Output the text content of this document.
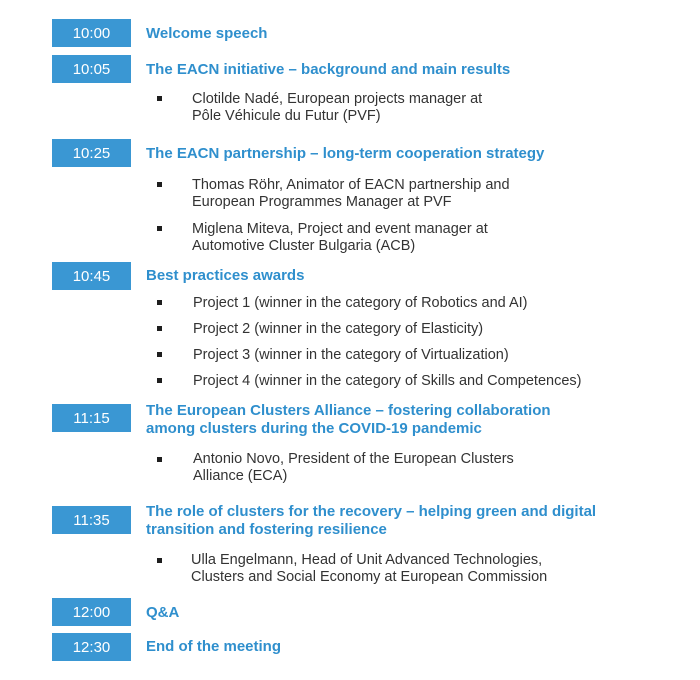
10:00	Welcome speech
10:05	The EACN initiative – background and main results
Clotilde Nadé, European projects manager at
Pôle Véhicule du Futur (PVF)
10:25	The EACN partnership – long-term cooperation strategy
Thomas Röhr, Animator of EACN partnership and
European Programmes Manager at PVF
Miglena Miteva, Project and event manager at
Automotive Cluster Bulgaria (ACB)
10:45	Best practices awards
Project 1 (winner in the category of Robotics and AI)
Project 2 (winner in the category of Elasticity)
Project 3 (winner in the category of Virtualization)
Project 4 (winner in the category of Skills and Competences)
11:15	The European Clusters Alliance – fostering collaboration
among clusters during the COVID-19 pandemic
Antonio Novo, President of the European Clusters
Alliance (ECA)
11:35	The role of clusters for the recovery – helping green and digital
transition and fostering resilience
Ulla Engelmann, Head of Unit Advanced Technologies,
Clusters and Social Economy at European Commission
12:00	Q&A
12:30	End of the meeting
